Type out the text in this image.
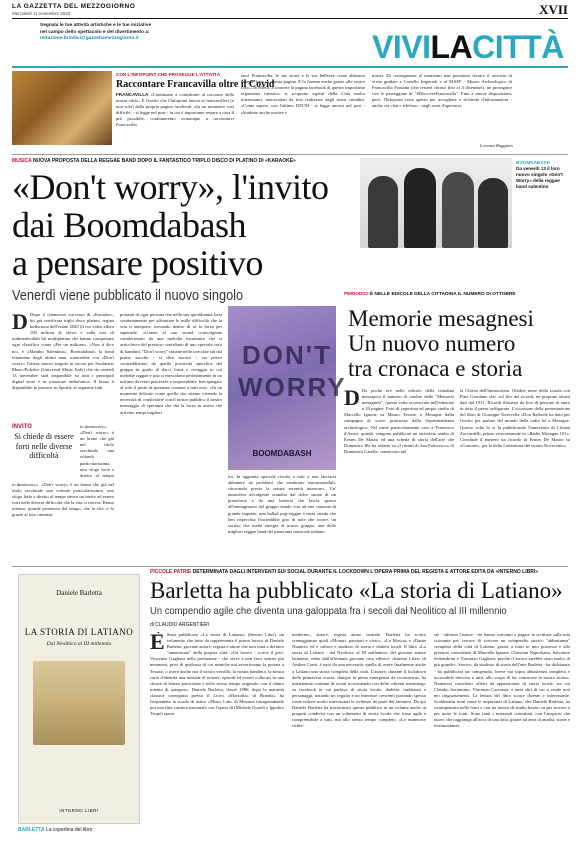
LA GAZZETTA DEL MEZZOGIORNO
Mercoledì 11 novembre 2020	XVII
Segnala le tue attività artistiche e le tue iniziative
nel campo dello spettacolo e del divertimento a:
redazione.brindisi@gazzettamezzogiorno.it	VIVILACITTÀ
CON L'INFOPOINT CHE PROSEGUE L'ATTIVITÀ
Raccontare Francavilla oltre il Covid
FRANCAVILLA «Continuare a contribuire al racconto della nostra città». E l'invito che l'Infopoint lancia ai francavillesi (e non solo) dalla propria pagina facebook. «In un momento così difficile, - si legge nel post - in cui è importante restare a casa il più possibile, continueremo comunque a raccontarvi Francavilla.
tarvi Francavilla, le sue storie e le sue bellezze come abbiamo sempre fatto su questa pagina. E lo faremo anche grazie alle vostre foto». In effetti, a scorrere la pagina facebook di questo importante organismo turistico, si scoprono aspetti della Città molto interessanti, immortalati da foto realizzate dagli stessi cittadini. «Come sapete, con l'ultimo DPCM - si legge ancora nel post - chiudono anche mostre e
musei. Di conseguenza al momento non possiamo fornire il servizio di visite guidate a Castello Imperiali e al MAFF - Museo Archeologico di Francavilla Fontana (che resterà chiuso fino al 3 dicembre), ne proseguire con le passeggiate di "#DiscoverFrancavilla". Fino a nuove disposizioni, però, l'Infopoint resta aperto per accogliere e richieste d'informazioni - anche via chat e telefono - negli orari d'apertura»
Lorenzo Ruggiero
MUSICA NUOVA PROPOSTA DELLA REGGAE BAND DOPO IL FANTASTICO TRIPLO DISCO DI PLATINO DI «KARAOKE»
«Don't worry», l'invito
dai Boomdabash
a pensare positivo
Venerdì viene pubblicato il nuovo singolo
BOOMDABASH
Da venerdì 13 il loro nuovo singolo «Don't Worry» della reggae band salentino
D Dopo il clamoroso successo di «Karaoke», hit già certificata triplo disco platino, regina indiscussa dell'estate 2020 (il cui video allora 100 milioni di views e sulla scia di indimenticabili hit multiplatino che hanno conquistato ogni classifica come «Per un milione», «Non ti dico no» e «Mambo Salentino», Boomdabash, la band fenomeno degli ultimi anni, tornerebbe con «Don't worry» l'attesa nuovo singolo in uscita per Soulmatic Music/Polydor (Universal Music Italy) che da venerdì 13 novembre sarà disponibile su tutti i principali digital store e in rotazione radiofonica. Il brano è disponibile in presave su Spotify al seguente link
INVITO
Si chiede di essere forti nelle diverse difficoltà
to.dontworry». «Don't worry» è un brano che già nel titolo racchiude una volontà particolarissima, uno sfogo forte e diretto al tempo
to.dontworry». «Don't worry» è un brano che già nel titolo racchiude una volontà particolarissima, uno sfogo forte e diretto al tempo stesso un invito ad essere forti nelle diverse difficoltà che la vita ci riserva. Brano intenso, grande promesso del tempo, che la vita ci fa grazie ai loro ottimisti
portanti di ogni persona che nella sua quotidianità lotta continuamente per affrontare le mille difficoltà che la vita ti antepone, trovando dentro di sé la forza per superarle. «Grazie al suo sound coinvolgente caratterizzato da una melodia incalzante che si arricchisce del prezioso contributo di uno speciale coro di bambini, "Don't worry" rimane nelle orecchie sin dal primo ascolto - si dice ancora -, un pezzo contraddistinto da quella positività specifica del gruppo in grado di darci forza e coraggio in cui melodie raggae e pop si mescolano perfettamente in un tutt'uno davvero piacevole e sorprendente, ben spiegato al sole il grido di speranza comune a tutti noi». «In un momento delicato come quello che stiamo vivendo la necessità di condividere con il nostro pubblico il nostro messaggio di speranza che dia la forza in attesa che arrivino tempi migliori
DON'T
WORRY
BOOMDABASH
tra. In aggiunta speciale rivolta a tutti a non lasciarsi abbattere da problemi che sembrano insormontabili, ritrovando presto la nostra serenità interiore». Un' atmosfera avvolgente scandita dal dolce suono di un pianoforte e da una batteria che lascia spazio all'immaginario del gruppo dando vita ad una canzone di grande impatto, una ballad pop-reggae a metà strada che ben rispecchia l'incredibile giro di note che scorre, un sorriso che mette energia al nostro gruppo, una delle migliori reggae band del panorama musicale italiano.
PERIODICI È NELLE EDICOLE DELLA CITTADINA IL NUMERO DI OTTOBRE
Memorie mesagnesi
Un nuovo numero
tra cronaca e storia
D Da poche ore nelle edicole della cittadina messapica il numero di ottobre delle "Memorie mesagnesi", questa volta accresciuto nell'edizione a 20 pagine. Foto di copertina ed ampio studio di Marcello Ignone su Mauro Tessete a Mesagne dalla campagna di scavo promossa dalla Soprintendenza archeologica. Nel mese particolarmente caro a Francesco d'Assisi, quindi, vengono pubblicati un articolato studio di Ermes De Mauro ed una scheda di storia dell'arte che Domenico Ille ha redatto su «I ritratti di San Francesco» di Domenico Carella, conservata nel
la Chiesa dell'Immacolata. Ottobre mese della scuola con Pino Giordano che, sul filo dei ricordi, ne propone alcuni dati dal 1911. Ricordi illustrati da foto di persone di tanto in tutto il paese raffigurate. L'occasione della presentazione del libro di Giuseppe Torrevella «Don Raffaele ha dato per l'invito per parlare del mondo della radio lei a Mesagne. Questa volta lo si fa pubblicando l'intervento di Liliana Zaccardelli, primo vicecomunale in «Radio Mesagne 101». Conclude il numero un ricordo di Ermes De Mauro su «Cutrone», per la della Letteratura del nostro Novecento».
PICCOLE PATRIE DETERMINATA DAGLI INTERVENTI SUI SOCIAL DURANTE IL LOCKDOWN L'OPERA PRIMA DEL REGISTA E ATTORE EDITA DA «INTERNO LIBRI»
Barletta ha pubblicato «La storia di Latiano»
Un compendio agile che diventa una galoppata fra i secoli dal Neolitico al III millennio
di CLAUDIO ARGENTIERI
Daniele Barletta
LA STORIA DI LATIANO
Dal Neolitico al III millennio
INTERNO LIBRI
BARLETTA La copertina del libro
È Stato pubblicato «La storia di Latiano» (Interno Libri), un volumetto che fatto da rapperesenta il primo lavoro di Daniele Barletta, giovane autore, regista e attore che non esita a definire "amamorato" della propria città. «Un lavoro - scrive il prof. Vincenzo Gagliani nella prefazione - che serve a non farci sentire più nemmeni, privi di qualcosa di cui neanche noi avvertivamo la portata a Tessito, o avere anche noi il nostro vessillo, la nostra bandiera, la nostra carta d'identità una miriade di notizie, episodi ed eventi collocati in una chiave di lettura particolare e nello stesso tempo originale, con il chiaro intento di spiegare». Daniele Barletta, classe 1986, dopo la maturità classica conseguita presso il Liceo «Marzolla» di Brindisi, ha frequentato la scuola di teatro «Music Lab» di Messina intraprendendo poi una fitta carriera nazionale con l'opera di (Michele Guardi e Ippolito Teopè) opera
moderna», autore, regista attore teatrale. Barletta ha scritto sceneggiature quali «Monari, passioni e vizio», «La Mosca» e «Dante Nuance» ed è cultore e studioso di storia e dialetti locali. Il libro «La storia di Latiano - dal Neolitico al III millennio» del giovane autore latianese, edito dall'affermata giovane casa editrice «Interno Libri» di Andrea Conti, è nato da una necessità, quella di avere finalmente anche a Latiano una storia completa della città. L'autore, durante il lockdown della primavera scorsa, dunque in piena emergenza da coronavirus, ha intrattenuto continui di social ricostruendo con delle «dirette streaming» su facebook in cui parlava di storia locale, dialetto, tradizioni e personaggi, notando un seguito e un interesse crescenti portando spesso come notizie molto interessanti le richieste da parte dei latianesi. Da qui Daniele Barletta ha trasformato questo pubblico in un volume anche in progetti condivisi con un volumetto di storia locale che fosse agile e comprensibile a tutti, ma allo stesso tempo completo. «Le numerose richie-
ste - afferma l'autore - mi hanno convinto a pagare la scrittura sulla mia scrivania per cercare di scrivere un compendio storico "abbastanza" completo della città di Latiano, grazie a fonti in mio possesso e alle preziose consulenze di Marcello Ignone, Christian Napolitano, Salvatore Settembrini e Vincenzo Gagliani, perché il lavoro sarebbe stato molto di più grande». Storico, da studioso di storia dell'arte Barletta - ha dichiarato - ha pubblicato un compendio, breve ma sopra abbastanza completo e accessibile davvero a tutti, allo scopo di far conoscere la nostra storia». Numerosi contributi offerti da appassionati di storia locale, tra cui Claudio Sorrentino, Vincenzo Carrassia, e tanti altri di cui si rende noti nei ringraziamenti. La lettura del libro scorre fluente e interessante. Scaldissimi fonti come le importanti di Latiano, che Daniele Barletta, ha ricompensato nelle fonti e con un lavoro di studio basato su per trovare e per unire le fonti. Sono tanti i materiali consultati, con l'auspicio che nuovi che raggiunga all'arco di una data, grazie ad anni di analisi, storie e testimonianze.
